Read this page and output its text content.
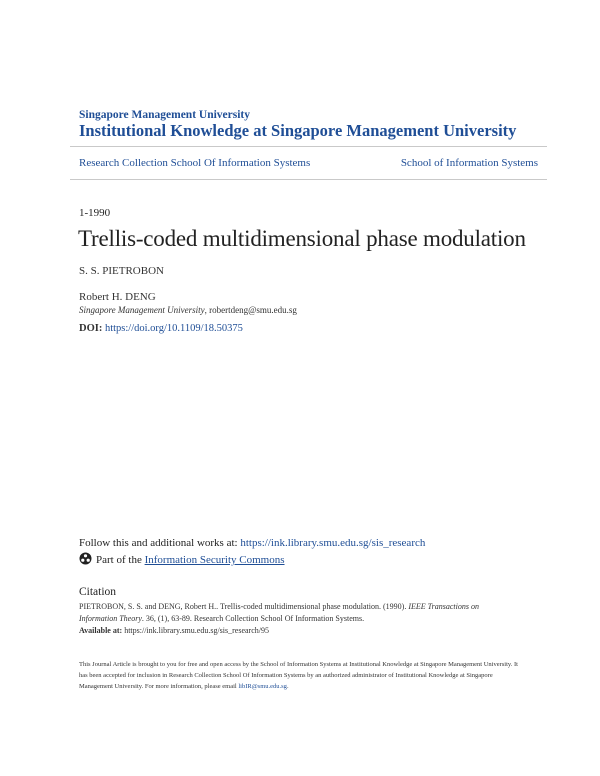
Singapore Management University
Institutional Knowledge at Singapore Management University
Research Collection School Of Information Systems	School of Information Systems
1-1990
Trellis-coded multidimensional phase modulation
S. S. PIETROBON
Robert H. DENG
Singapore Management University, robertdeng@smu.edu.sg
DOI: https://doi.org/10.1109/18.50375
Follow this and additional works at: https://ink.library.smu.edu.sg/sis_research
Part of the Information Security Commons
Citation
PIETROBON, S. S. and DENG, Robert H.. Trellis-coded multidimensional phase modulation. (1990). IEEE Transactions on Information Theory. 36, (1), 63-89. Research Collection School Of Information Systems.
Available at: https://ink.library.smu.edu.sg/sis_research/95
This Journal Article is brought to you for free and open access by the School of Information Systems at Institutional Knowledge at Singapore Management University. It has been accepted for inclusion in Research Collection School Of Information Systems by an authorized administrator of Institutional Knowledge at Singapore Management University. For more information, please email libIR@smu.edu.sg.
